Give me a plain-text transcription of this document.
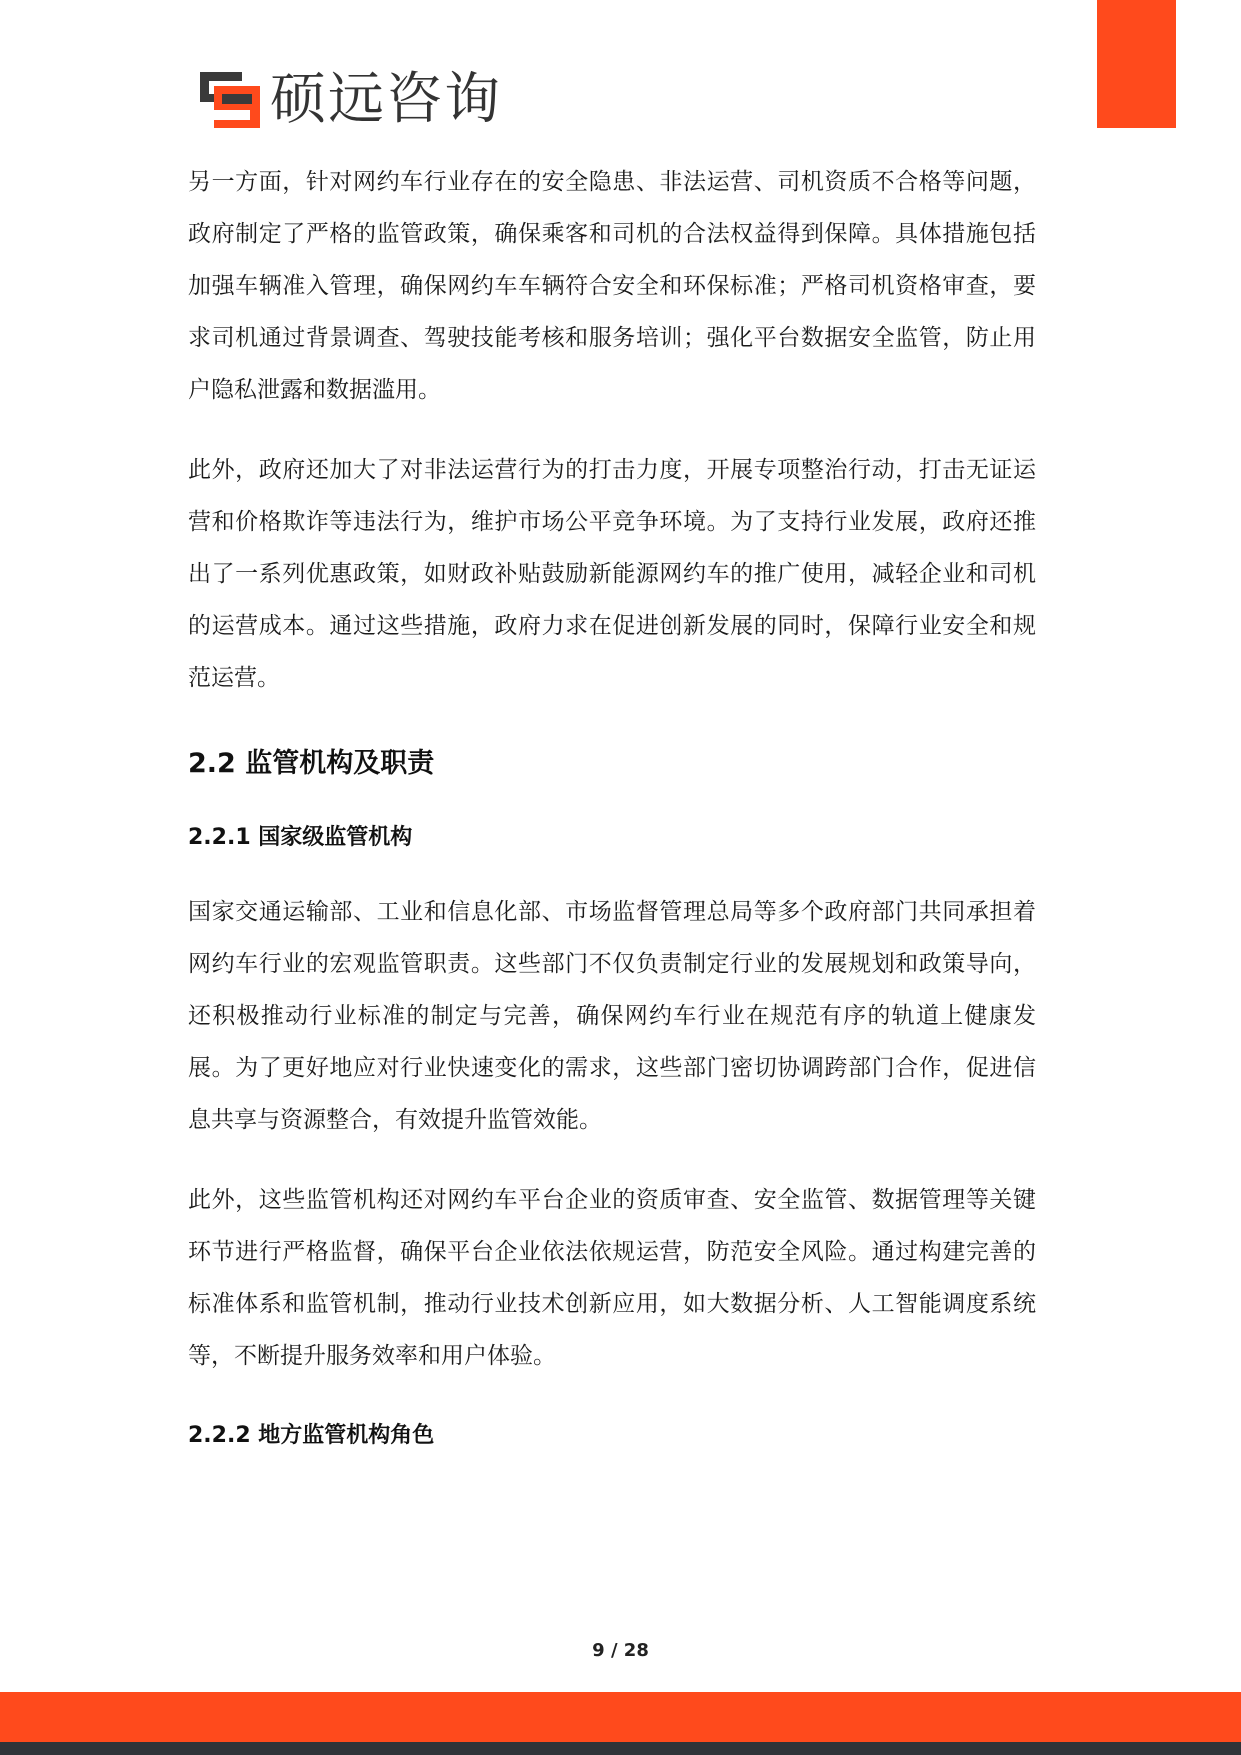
硕远咨询

另一方面，针对网约车行业存在的安全隐患、非法运营、司机资质不合格等问题，政府制定了严格的监管政策，确保乘客和司机的合法权益得到保障。具体措施包括加强车辆准入管理，确保网约车车辆符合安全和环保标准；严格司机资格审查，要求司机通过背景调查、驾驶技能考核和服务培训；强化平台数据安全监管，防止用户隐私泄露和数据滥用。

此外，政府还加大了对非法运营行为的打击力度，开展专项整治行动，打击无证运营和价格欺诈等违法行为，维护市场公平竞争环境。为了支持行业发展，政府还推出了一系列优惠政策，如财政补贴鼓励新能源网约车的推广使用，减轻企业和司机的运营成本。通过这些措施，政府力求在促进创新发展的同时，保障行业安全和规范运营。

2.2 监管机构及职责
2.2.1 国家级监管机构

国家交通运输部、工业和信息化部、市场监督管理总局等多个政府部门共同承担着网约车行业的宏观监管职责。这些部门不仅负责制定行业的发展规划和政策导向，还积极推动行业标准的制定与完善，确保网约车行业在规范有序的轨道上健康发展。为了更好地应对行业快速变化的需求，这些部门密切协调跨部门合作，促进信息共享与资源整合，有效提升监管效能。

此外，这些监管机构还对网约车平台企业的资质审查、安全监管、数据管理等关键环节进行严格监督，确保平台企业依法依规运营，防范安全风险。通过构建完善的标准体系和监管机制，推动行业技术创新应用，如大数据分析、人工智能调度系统等，不断提升服务效率和用户体验。

2.2.2 地方监管机构角色
9 / 28
